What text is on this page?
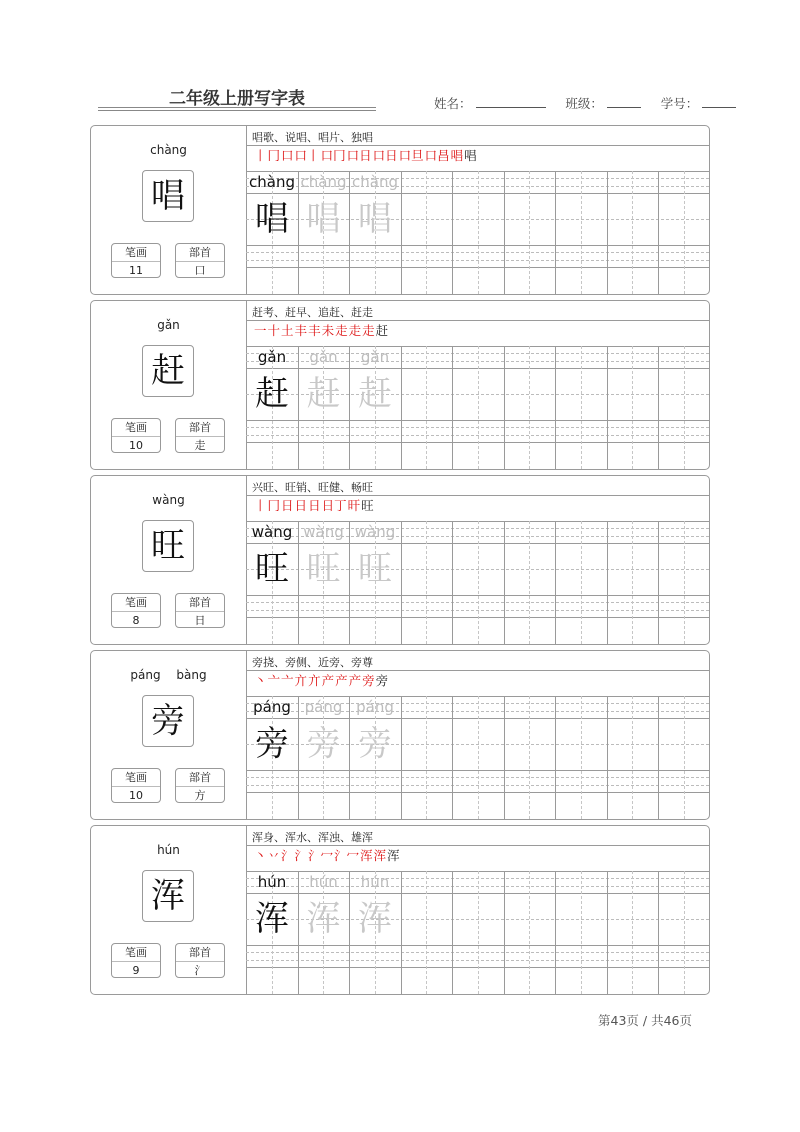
二年级上册写字表	姓名：	班级：	学号：
chàng
唱
笔画
11
部首
口
唱歌、说唱、唱片、独唱
丨冂口口丨口冂口日口日口旦口昌唱唱
chàng
唱
chàng
唱
chàng
唱
gǎn
赶
笔画
10
部首
走
赶考、赶早、追赶、赶走
一十土丰丰未走走走赶
gǎn
赶
gǎn
赶
gǎn
赶
wàng
旺
笔画
8
部首
日
兴旺、旺销、旺健、畅旺
丨冂日日日日丁旰旺
wàng
旺
wàng
旺
wàng
旺
páng bàng
旁
笔画
10
部首
方
旁挠、旁侧、近旁、旁尊
丶亠亠亣亣产产产旁旁
páng
旁
páng
旁
páng
旁
hún
浑
笔画
9
部首
氵
浑身、浑水、浑浊、雄浑
丶丷氵氵氵冖氵冖浑浑浑
hún
浑
hún
浑
hún
浑
第43页 / 共46页
